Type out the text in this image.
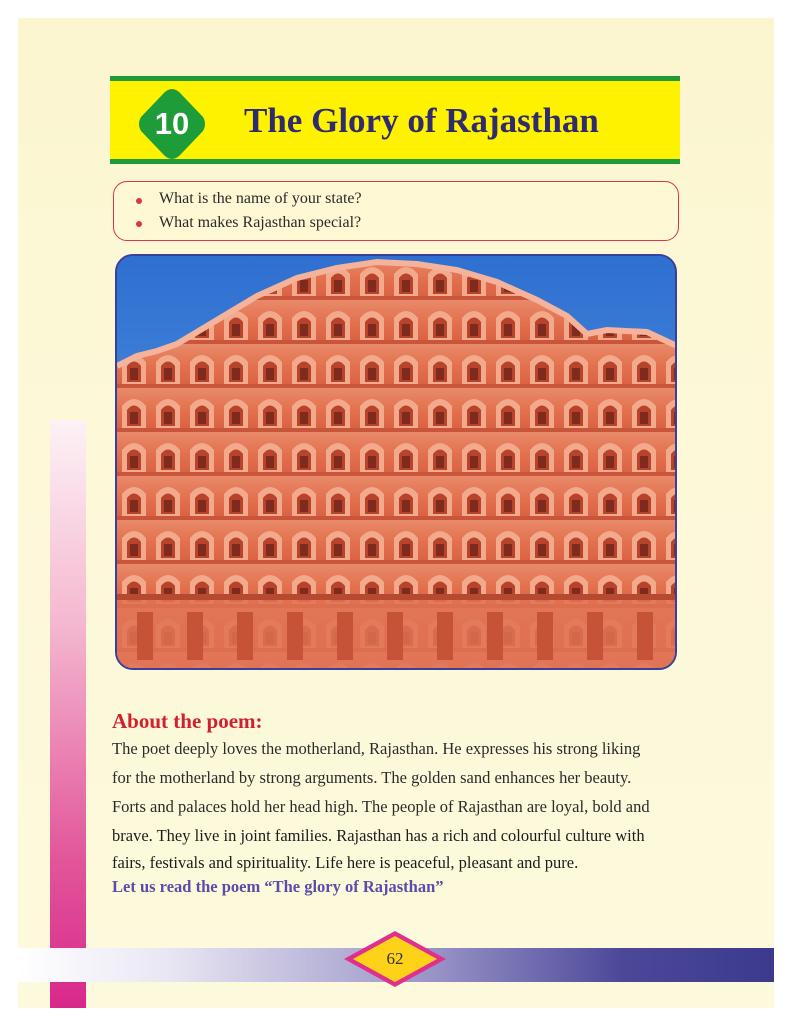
10	The Glory of Rajasthan
What is the name of your state?
What makes Rajasthan special?
About the poem:
The poet deeply loves the motherland, Rajasthan. He expresses his strong liking
for the motherland by strong arguments. The golden sand enhances her beauty.
Forts and palaces hold her head high. The people of Rajasthan are loyal, bold and
brave. They live in joint families. Rajasthan has a rich and colourful culture with
fairs, festivals and spirituality. Life here is peaceful, pleasant and pure.
Let us read the poem “The glory of Rajasthan”
62
